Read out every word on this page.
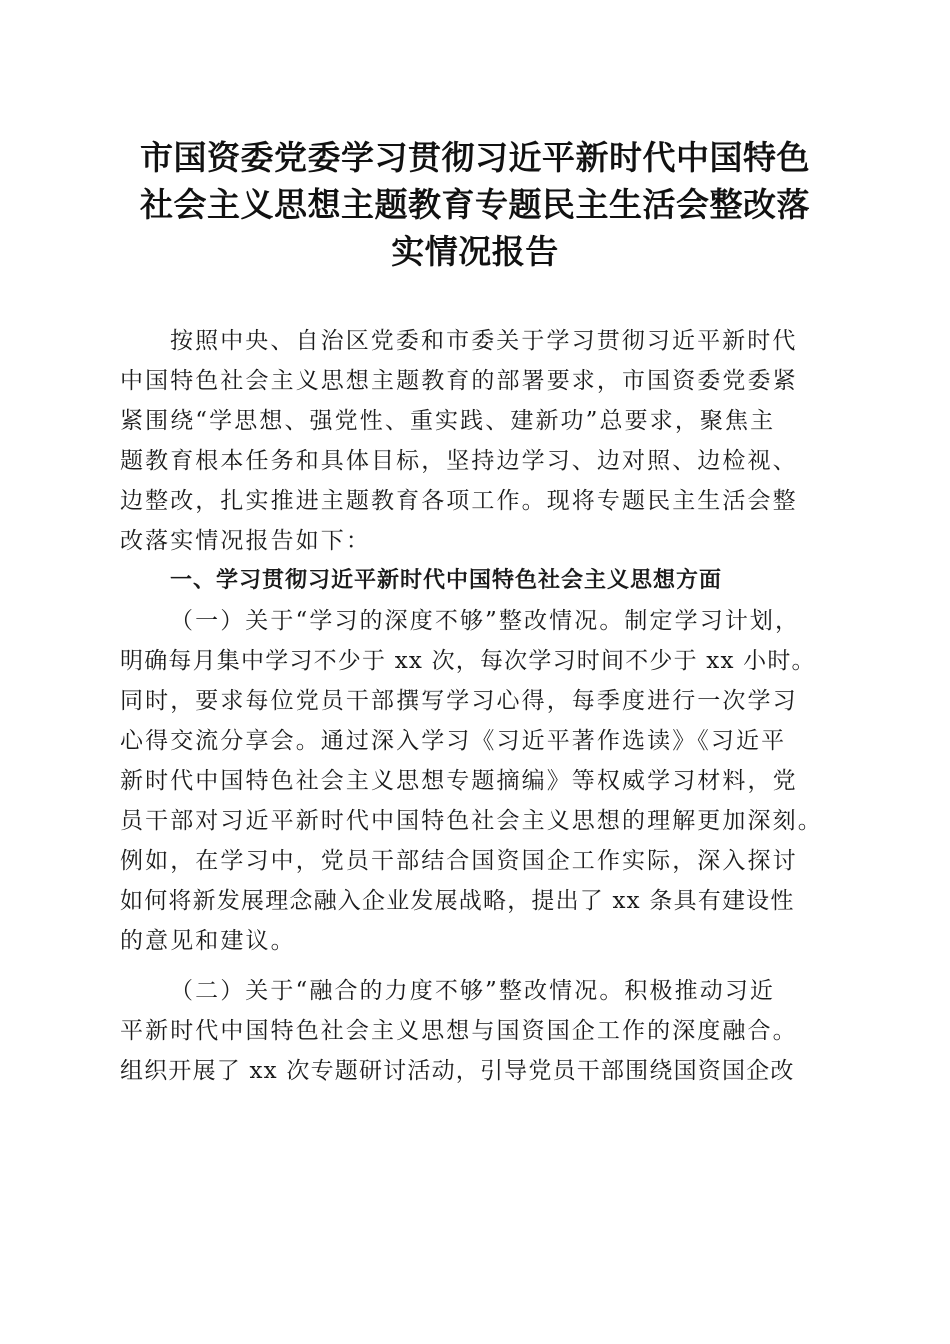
市国资委党委学习贯彻习近平新时代中国特色
社会主义思想主题教育专题民主生活会整改落
实情况报告
按照中央、自治区党委和市委关于学习贯彻习近平新时代
中国特色社会主义思想主题教育的部署要求，市国资委党委紧
紧围绕“学思想、强党性、重实践、建新功”总要求，聚焦主
题教育根本任务和具体目标，坚持边学习、边对照、边检视、
边整改，扎实推进主题教育各项工作。现将专题民主生活会整
改落实情况报告如下：
一、学习贯彻习近平新时代中国特色社会主义思想方面
（一）关于“学习的深度不够”整改情况。制定学习计划，
明确每月集中学习不少于 xx 次，每次学习时间不少于 xx 小时。
同时，要求每位党员干部撰写学习心得，每季度进行一次学习
心得交流分享会。通过深入学习《习近平著作选读》《习近平
新时代中国特色社会主义思想专题摘编》等权威学习材料，党
员干部对习近平新时代中国特色社会主义思想的理解更加深刻。
例如，在学习中，党员干部结合国资国企工作实际，深入探讨
如何将新发展理念融入企业发展战略，提出了 xx 条具有建设性
的意见和建议。
（二）关于“融合的力度不够”整改情况。积极推动习近
平新时代中国特色社会主义思想与国资国企工作的深度融合。
组织开展了 xx 次专题研讨活动，引导党员干部围绕国资国企改
